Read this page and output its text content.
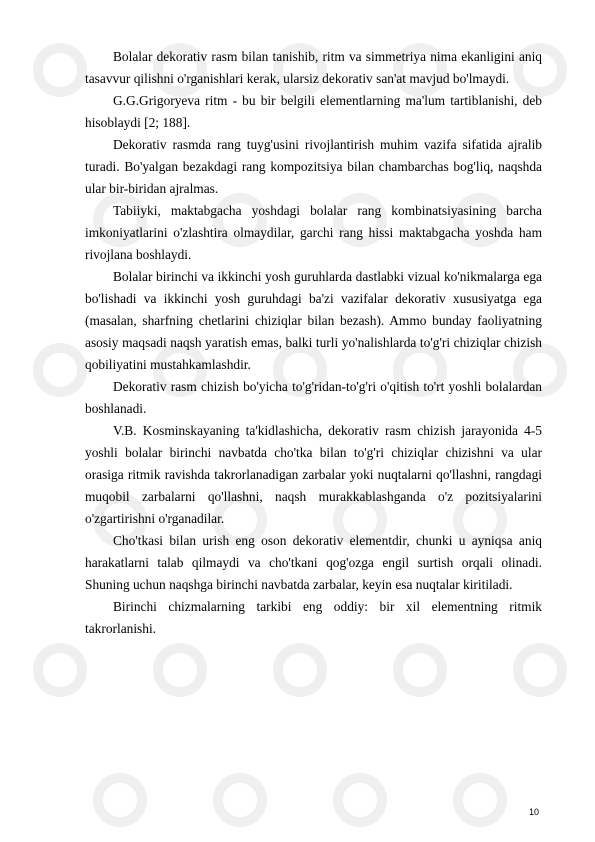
Bolalar dekorativ rasm bilan tanishib, ritm va simmetriya nima ekanligini aniq tasavvur qilishni o'rganishlari kerak, ularsiz dekorativ san'at mavjud bo'lmaydi.

G.G.Grigoryeva ritm - bu bir belgili elementlarning ma'lum tartiblanishi, deb hisoblaydi [2; 188].

Dekorativ rasmda rang tuyg'usini rivojlantirish muhim vazifa sifatida ajralib turadi. Bo'yalgan bezakdagi rang kompozitsiya bilan chambarchas bog'liq, naqshda ular bir-biridan ajralmas.

Tabiiyki, maktabgacha yoshdagi bolalar rang kombinatsiyasining barcha imkoniyatlarini o'zlashtira olmaydilar, garchi rang hissi maktabgacha yoshda ham rivojlana boshlaydi.

Bolalar birinchi va ikkinchi yosh guruhlarda dastlabki vizual ko'nikmalarga ega bo'lishadi va ikkinchi yosh guruhdagi ba'zi vazifalar dekorativ xususiyatga ega (masalan, sharfning chetlarini chiziqlar bilan bezash). Ammo bunday faoliyatning asosiy maqsadi naqsh yaratish emas, balki turli yo'nalishlarda to'g'ri chiziqlar chizish qobiliyatini mustahkamlashdir.

Dekorativ rasm chizish bo'yicha to'g'ridan-to'g'ri o'qitish to'rt yoshli bolalardan boshlanadi.

V.B. Kosminskayaning ta'kidlashicha, dekorativ rasm chizish jarayonida 4-5 yoshli bolalar birinchi navbatda cho'tka bilan to'g'ri chiziqlar chizishni va ular orasiga ritmik ravishda takrorlanadigan zarbalar yoki nuqtalarni qo'llashni, rangdagi muqobil zarbalarni qo'llashni, naqsh murakkablashganda o'z pozitsiyalarini o'zgartirishni o'rganadilar.

Cho'tkasi bilan urish eng oson dekorativ elementdir, chunki u ayniqsa aniq harakatlarni talab qilmaydi va cho'tkani qog'ozga engil surtish orqali olinadi. Shuning uchun naqshga birinchi navbatda zarbalar, keyin esa nuqtalar kiritiladi.

Birinchi chizmalarning tarkibi eng oddiy: bir xil elementning ritmik takrorlanishi.

10
